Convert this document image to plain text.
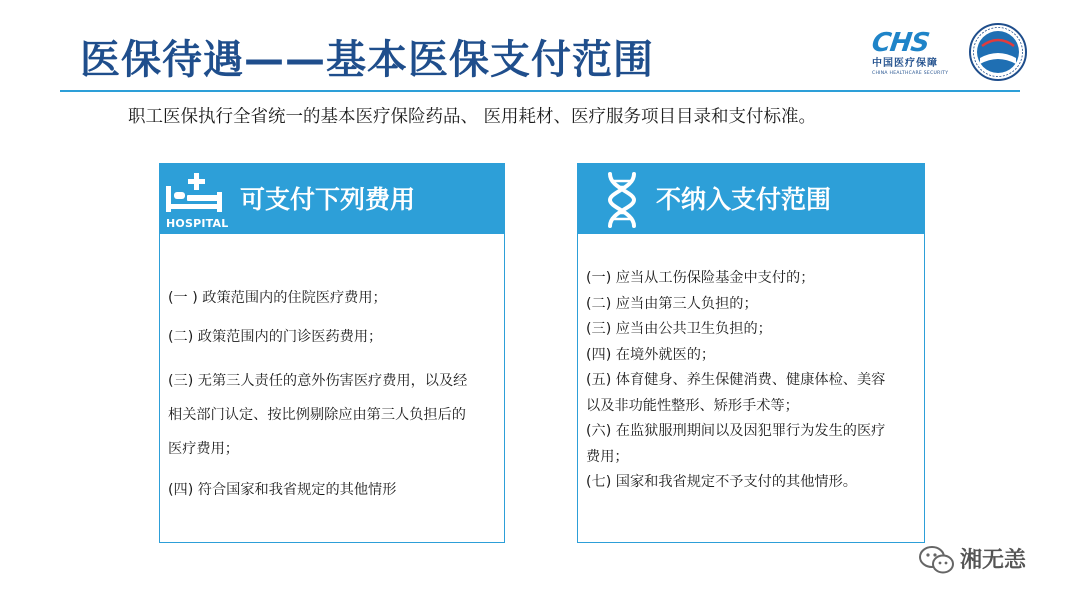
医保待遇——基本医保支付范围	CHS
中国医疗保障
CHINA HEALTHCARE SECURITY
职工医保执行全省统一的基本医疗保险药品、 医用耗材、医疗服务项目目录和支付标准。
HOSPITAL
可支付下列费用
(一 ) 政策范围内的住院医疗费用；
(二) 政策范围内的门诊医药费用；
(三) 无第三人责任的意外伤害医疗费用，以及经
相关部门认定、按比例剔除应由第三人负担后的
医疗费用；
(四) 符合国家和我省规定的其他情形
不纳入支付范围
(一) 应当从工伤保险基金中支付的；
(二) 应当由第三人负担的；
(三) 应当由公共卫生负担的；
(四) 在境外就医的；
(五) 体育健身、养生保健消费、健康体检、美容
以及非功能性整形、矫形手术等；
(六) 在监狱服刑期间以及因犯罪行为发生的医疗
费用；
(七) 国家和我省规定不予支付的其他情形。
湘无恙
